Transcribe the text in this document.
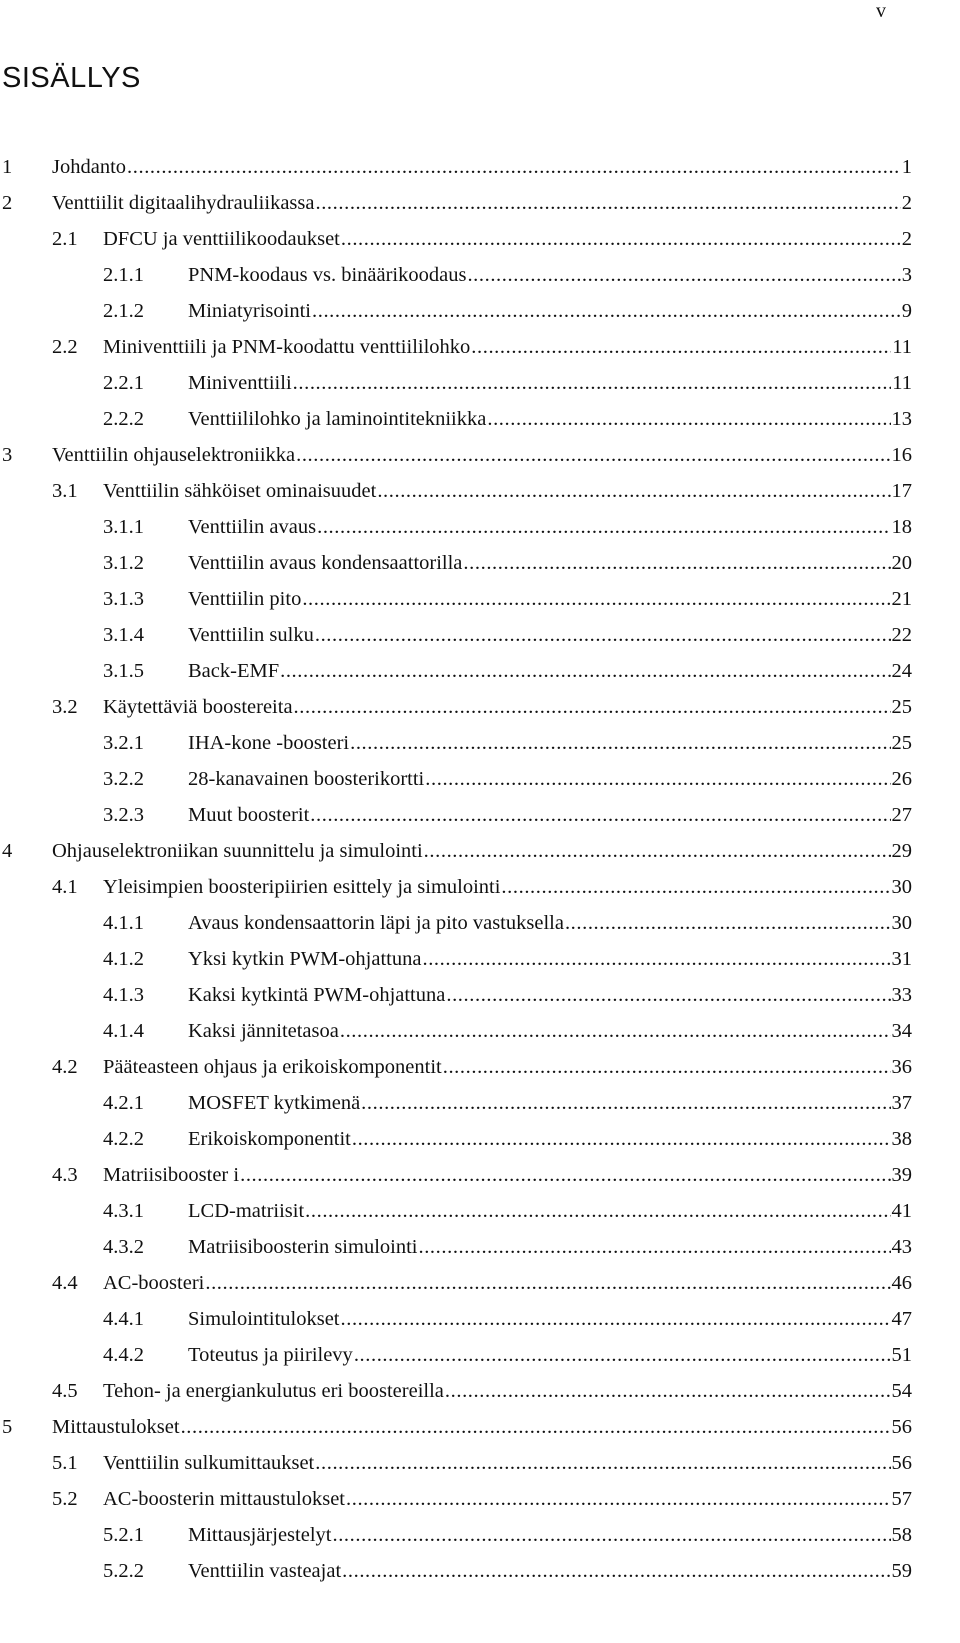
v
SISÄLLYS
1 Johdanto .....	1
2 Venttiilit digitaalihydrauliikassa .....	2
2.1 DFCU ja venttiilikoodaukset .....	2
2.1.1 PNM-koodaus vs. binäärikoodaus .....	3
2.1.2 Miniatyrisointi .....	9
2.2 Miniventtiili ja PNM-koodattu venttiililohko .....	11
2.2.1 Miniventtiili .....	11
2.2.2 Venttiililohko ja laminointitekniikka .....	13
3 Venttiilin ohjauselektroniikka .....	16
3.1 Venttiilin sähköiset ominaisuudet .....	17
3.1.1 Venttiilin avaus .....	18
3.1.2 Venttiilin avaus kondensaattorilla .....	20
3.1.3 Venttiilin pito .....	21
3.1.4 Venttiilin sulku .....	22
3.1.5 Back-EMF .....	24
3.2 Käytettäviä boostereita .....	25
3.2.1 IHA-kone -boosteri .....	25
3.2.2 28-kanavainen boosterikortti .....	26
3.2.3 Muut boosterit .....	27
4 Ohjauselektroniikan suunnittelu ja simulointi .....	29
4.1 Yleisimpien boosteripiirien esittely ja simulointi .....	30
4.1.1 Avaus kondensaattorin läpi ja pito vastuksella .....	30
4.1.2 Yksi kytkin PWM-ohjattuna .....	31
4.1.3 Kaksi kytkintä PWM-ohjattuna .....	33
4.1.4 Kaksi jännitetasoa .....	34
4.2 Pääteasteen ohjaus ja erikoiskomponentit .....	36
4.2.1 MOSFET kytkimenä .....	37
4.2.2 Erikoiskomponentit .....	38
4.3 Matriisibooster i .....	39
4.3.1 LCD-matriisit .....	41
4.3.2 Matriisiboosterin simulointi .....	43
4.4 AC-boosteri .....	46
4.4.1 Simulointitulokset .....	47
4.4.2 Toteutus ja piirilevy .....	51
4.5 Tehon- ja energiankulutus eri boostereilla .....	54
5 Mittaustulokset .....	56
5.1 Venttiilin sulkumittaukset .....	56
5.2 AC-boosterin mittaustulokset .....	57
5.2.1 Mittausjärjestelyt .....	58
5.2.2 Venttiilin vasteajat .....	59
